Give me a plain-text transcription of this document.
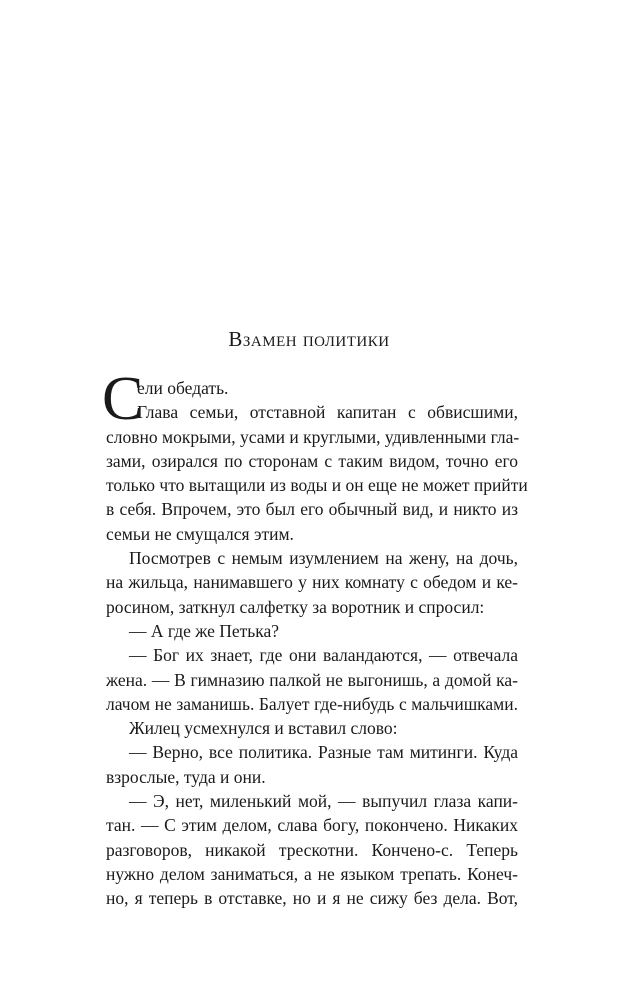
Взамен политики
С
ели обедать.
Глава семьи, отставной капитан с обвисшими,
словно мокрыми, усами и круглыми, удивленными гла-
зами, озирался по сторонам с таким видом, точно его
только что вытащили из воды и он еще не может прийти
в себя. Впрочем, это был его обычный вид, и никто из
семьи не смущался этим.
Посмотрев с немым изумлением на жену, на дочь,
на жильца, нанимавшего у них комнату с обедом и ке-
росином, заткнул салфетку за воротник и спросил:
— А где же Петька?
— Бог их знает, где они валандаются, — отвечала
жена. — В гимназию палкой не выгонишь, а домой ка-
лачом не заманишь. Балует где-нибудь с мальчишками.
Жилец усмехнулся и вставил слово:
— Верно, все политика. Разные там митинги. Куда
взрослые, туда и они.
— Э, нет, миленький мой, — выпучил глаза капи-
тан. — С этим делом, слава богу, покончено. Никаких
разговоров, никакой трескотни. Кончено-с. Теперь
нужно делом заниматься, а не языком трепать. Конеч-
но, я теперь в отставке, но и я не сижу без дела. Вот,
